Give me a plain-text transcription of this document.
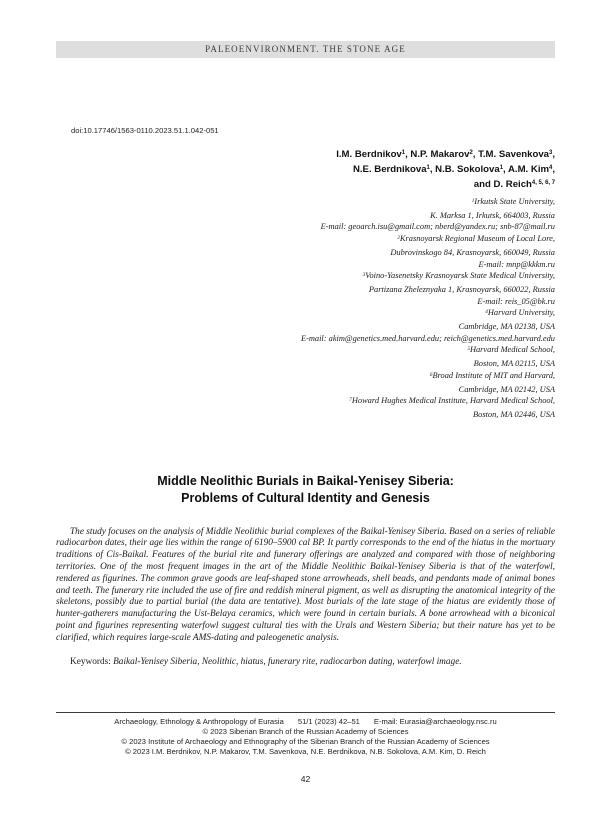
PALEOENVIRONMENT. THE STONE AGE
doi:10.17746/1563-0110.2023.51.1.042-051
I.M. Berdnikov$^1$, N.P. Makarov$^2$, T.M. Savenkova$^3$,
N.E. Berdnikova$^1$, N.B. Sokolova$^1$, A.M. Kim$^4$,
and D. Reich$^{4, 5, 6, 7}$
$^1$Irkutsk State University,
K. Marksa 1, Irkutsk, 664003, Russia
E-mail: geoarch.isu@gmail.com; nberd@yandex.ru; snb-87@mail.ru
$^2$Krasnoyarsk Regional Museum of Local Lore,
Dubrovinskogo 84, Krasnoyarsk, 660049, Russia
E-mail: mnp@kkkm.ru
$^3$Voino-Yasenetsky Krasnoyarsk State Medical University,
Partizana Zheleznyaka 1, Krasnoyarsk, 660022, Russia
E-mail: reis_05@bk.ru
$^4$Harvard University,
Cambridge, MA 02138, USA
E-mail: akim@genetics.med.harvard.edu; reich@genetics.med.harvard.edu
$^5$Harvard Medical School,
Boston, MA 02115, USA
$^6$Broad Institute of MIT and Harvard,
Cambridge, MA 02142, USA
$^7$Howard Hughes Medical Institute, Harvard Medical School,
Boston, MA 02446, USA
Middle Neolithic Burials in Baikal-Yenisey Siberia:
Problems of Cultural Identity and Genesis

The study focuses on the analysis of Middle Neolithic burial complexes of the Baikal-Yenisey Siberia. Based on a series of reliable radiocarbon dates, their age lies within the range of 6190–5900 cal BP. It partly corresponds to the end of the hiatus in the mortuary traditions of Cis-Baikal. Features of the burial rite and funerary offerings are analyzed and compared with those of neighboring territories. One of the most frequent images in the art of the Middle Neolithic Baikal-Yenisey Siberia is that of the waterfowl, rendered as figurines. The common grave goods are leaf-shaped stone arrowheads, shell beads, and pendants made of animal bones and teeth. The funerary rite included the use of fire and reddish mineral pigment, as well as disrupting the anatomical integrity of the skeletons, possibly due to partial burial (the data are tentative). Most burials of the late stage of the hiatus are evidently those of hunter-gatherers manufacturing the Ust-Belaya ceramics, which were found in certain burials. A bone arrowhead with a biconical point and figurines representing waterfowl suggest cultural ties with the Urals and Western Siberia; but their nature has yet to be clarified, which requires large-scale AMS-dating and paleogenetic analysis.

Keywords: Baikal-Yenisey Siberia, Neolithic, hiatus, funerary rite, radiocarbon dating, waterfowl image.

Archaeology, Ethnology & Anthropology of Eurasia 51/1 (2023) 42–51 E-mail: Eurasia@archaeology.nsc.ru
© 2023 Siberian Branch of the Russian Academy of Sciences
© 2023 Institute of Archaeology and Ethnography of the Siberian Branch of the Russian Academy of Sciences
© 2023 I.M. Berdnikov, N.P. Makarov, T.M. Savenkova, N.E. Berdnikova, N.B. Sokolova, A.M. Kim, D. Reich
42
